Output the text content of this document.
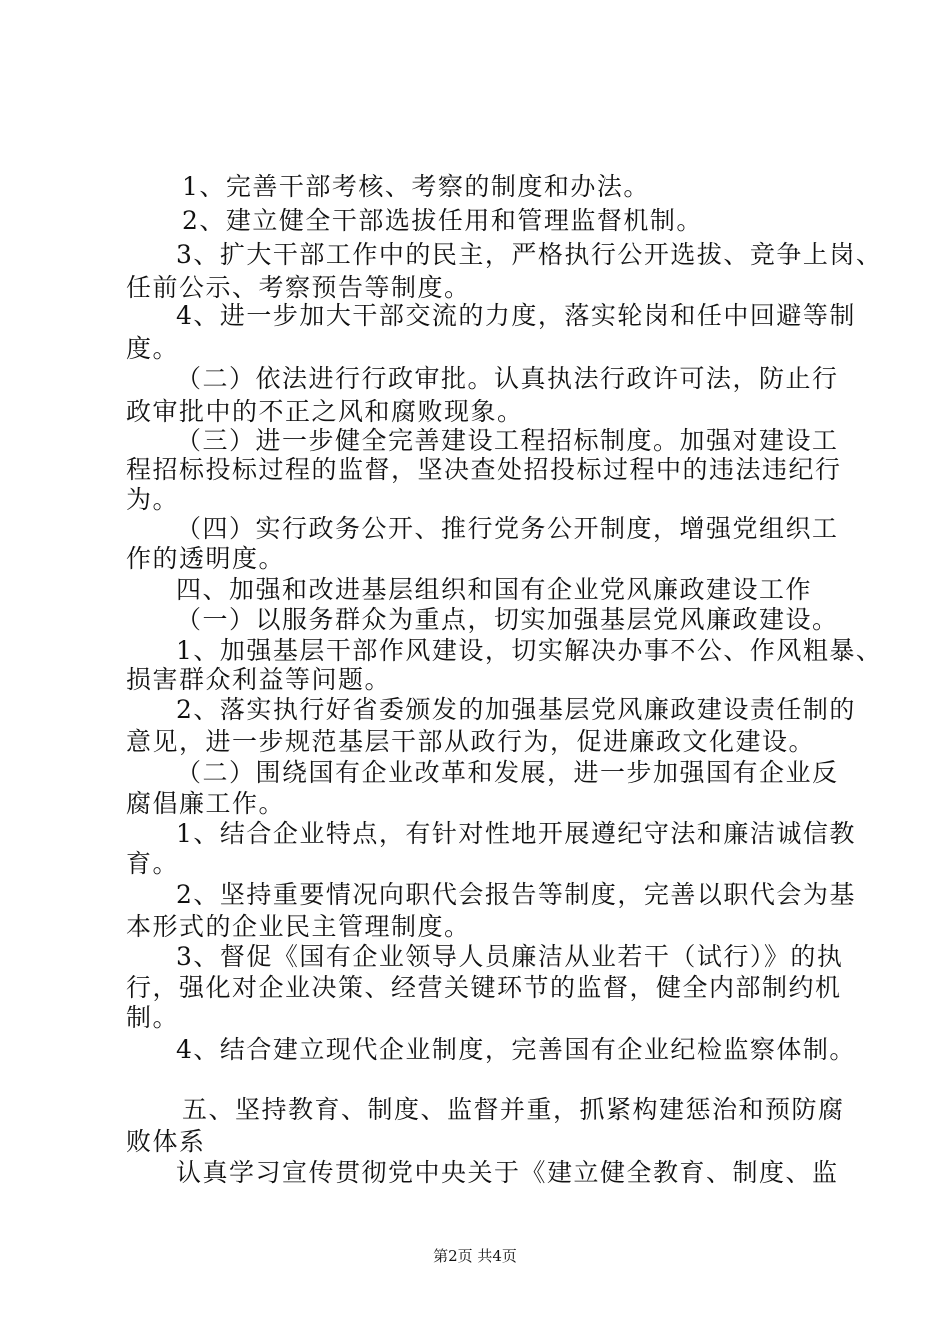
1、完善干部考核、考察的制度和办法。
2、建立健全干部选拔任用和管理监督机制。
3、扩大干部工作中的民主，严格执行公开选拔、竞争上岗、
任前公示、考察预告等制度。
4、进一步加大干部交流的力度，落实轮岗和任中回避等制
度。
（二）依法进行行政审批。认真执法行政许可法，防止行
政审批中的不正之风和腐败现象。
（三）进一步健全完善建设工程招标制度。加强对建设工
程招标投标过程的监督，坚决查处招投标过程中的违法违纪行
为。
（四）实行政务公开、推行党务公开制度，增强党组织工
作的透明度。
四、加强和改进基层组织和国有企业党风廉政建设工作
（一）以服务群众为重点，切实加强基层党风廉政建设。
1、加强基层干部作风建设，切实解决办事不公、作风粗暴、
损害群众利益等问题。
2、落实执行好省委颁发的加强基层党风廉政建设责任制的
意见，进一步规范基层干部从政行为，促进廉政文化建设。
（二）围绕国有企业改革和发展，进一步加强国有企业反
腐倡廉工作。
1、结合企业特点，有针对性地开展遵纪守法和廉洁诚信教
育。
2、坚持重要情况向职代会报告等制度，完善以职代会为基
本形式的企业民主管理制度。
3、督促《国有企业领导人员廉洁从业若干（试行）》的执
行，强化对企业决策、经营关键环节的监督，健全内部制约机
制。
4、结合建立现代企业制度，完善国有企业纪检监察体制。
五、坚持教育、制度、监督并重，抓紧构建惩治和预防腐
败体系
认真学习宣传贯彻党中央关于《建立健全教育、制度、监
第2页 共4页
